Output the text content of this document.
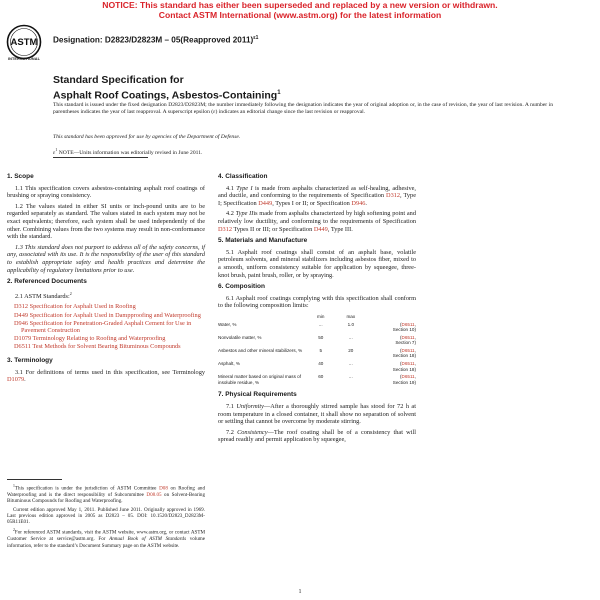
NOTICE: This standard has either been superseded and replaced by a new version or withdrawn.
Contact ASTM International (www.astm.org) for the latest information
ASTM
INTERNATIONAL
Designation: D2823/D2823M – 05(Reapproved 2011)$^{\varepsilon 1}$
Standard Specification for
Asphalt Roof Coatings, Asbestos-Containing$^1$
This standard is issued under the fixed designation D2823/D2823M; the number immediately following the designation indicates the year of original adoption or, in the case of revision, the year of last revision. A number in parentheses indicates the year of last reapproval. A superscript epsilon (ε) indicates an editorial change since the last revision or reapproval.
This standard has been approved for use by agencies of the Department of Defense.
$\varepsilon^1$ NOTE—Units information was editorially revised in June 2011.
1. Scope

1.1 This specification covers asbestos-containing asphalt roof coatings of brushing or spraying consistency.

1.2 The values stated in either SI units or inch-pound units are to be regarded separately as standard. The values stated in each system may not be exact equivalents; therefore, each system shall be used independently of the other. Combining values from the two systems may result in non-conformance with the standard.

1.3 This standard does not purport to address all of the safety concerns, if any, associated with its use. It is the responsibility of the user of this standard to establish appropriate safety and health practices and determine the applicability of regulatory limitations prior to use.

2. Referenced Documents

2.1 ASTM Standards:$^2$

D312 Specification for Asphalt Used in Roofing
D449 Specification for Asphalt Used in Dampproofing and Waterproofing
D946 Specification for Penetration-Graded Asphalt Cement for Use in Pavement Construction
D1079 Terminology Relating to Roofing and Waterproofing
D6511 Test Methods for Solvent Bearing Bituminous Compounds
3. Terminology

3.1 For definitions of terms used in this specification, see Terminology D1079.

$^1$This specification is under the jurisdiction of ASTM Committee D08 on Roofing and Waterproofing and is the direct responsibility of Subcommittee D08.05 on Solvent-Bearing Bituminous Compounds for Roofing and Waterproofing.

Current edition approved May 1, 2011. Published June 2011. Originally approved in 1969. Last previous edition approved in 2005 as D2823 – 05. DOI: 10.1520/D2823_D2823M-05R11E01.

$^2$For referenced ASTM standards, visit the ASTM website, www.astm.org, or contact ASTM Customer Service at service@astm.org. For Annual Book of ASTM Standards volume information, refer to the standard’s Document Summary page on the ASTM website.

4. Classification

4.1 Type I is made from asphalts characterized as self-healing, adhesive, and ductile, and conforming to the requirements of Specification D312, Type I; Specification D449, Types I or II; or Specification D946.

4.2 Type IIis made from asphalts characterized by high softening point and relatively low ductility, and conforming to the requirements of Specification D312 Types II or III; or Specification D449, Type III.

5. Materials and Manufacture

5.1 Asphalt roof coatings shall consist of an asphalt base, volatile petroleum solvents, and mineral stabilizers including asbestos fiber, mixed to a smooth, uniform consistency suitable for application by squeegee, three-knot brush, paint brush, roller, or by spraying.

6. Composition

6.1 Asphalt roof coatings complying with this specification shall conform to the following composition limits:

	min	max	
Water, %	...	1.0	(D6511,
Section 10)
Nonvolatile matter, %	50	...	(D6511,
Section 7)
Asbestos and other mineral stabilizers, %	5	20	(D6511,
Section 18)
Asphalt, %	40	...	(D6511,
Section 18)
Mineral matter based on original mass of insoluble residue, %	60	...	(D6511,
Section 19)
7. Physical Requirements

7.1 Uniformity—After a thoroughly stirred sample has stood for 72 h at room temperature in a closed container, it shall show no separation of solvent or settling that cannot be overcome by moderate stirring.

7.2 Consistency—The roof coating shall be of a consistency that will spread readily and permit application by squeegee,

1
